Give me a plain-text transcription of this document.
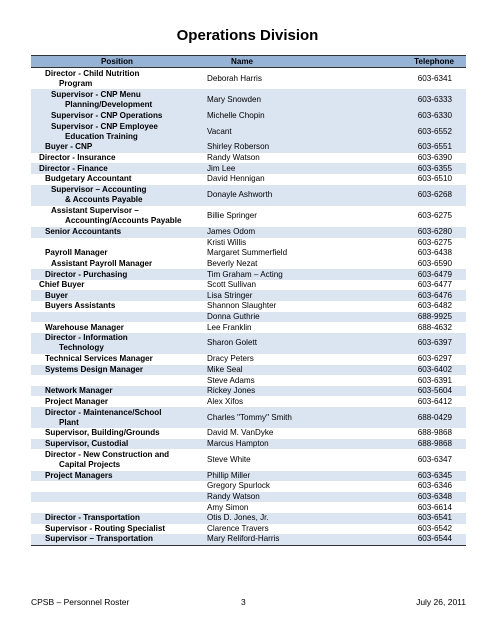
Operations Division
Position	Name	Telephone

Director - Child Nutrition
Program	Deborah Harris	603-6341

Supervisor - CNP Menu
Planning/Development	Mary Snowden	603-6333

Supervisor - CNP Operations	Michelle Chopin	603-6330

Supervisor - CNP Employee
Education Training	Vacant	603-6552

Buyer - CNP	Shirley Roberson	603-6551

Director - Insurance	Randy Watson	603-6390

Director - Finance	Jim Lee	603-6355

Budgetary Accountant	David Hennigan	603-6510

Supervisor – Accounting
& Accounts Payable	Donayle Ashworth	603-6268

Assistant Supervisor –
Accounting/Accounts Payable	Billie Springer	603-6275

Senior Accountants	James Odom	603-6280

	Kristi Willis	603-6275

Payroll Manager	Margaret Summerfield	603-6438

Assistant Payroll Manager	Beverly Nezat	603-6590

Director - Purchasing	Tim Graham – Acting	603-6479

Chief Buyer	Scott Sullivan	603-6477

Buyer	Lisa Stringer	603-6476

Buyers Assistants	Shannon Slaughter	603-6482

	Donna Guthrie	688-9925

Warehouse Manager	Lee Franklin	688-4632

Director - Information
Technology	Sharon Golett	603-6397

Technical Services Manager	Dracy Peters	603-6297

Systems Design Manager	Mike Seal	603-6402

	Steve Adams	603-6391

Network Manager	Rickey Jones	603-5604

Project Manager	Alex Xifos	603-6412

Director - Maintenance/School
Plant	Charles "Tommy" Smith	688-0429

Supervisor, Building/Grounds	David M. VanDyke	688-9868

Supervisor, Custodial	Marcus Hampton	688-9868

Director - New Construction and
Capital Projects	Steve White	603-6347

Project Managers	Phillip Miller	603-6345

	Gregory Spurlock	603-6346

	Randy Watson	603-6348

	Amy Simon	603-6614

Director - Transportation	Otis D. Jones, Jr.	603-6541

Supervisor - Routing Specialist	Clarence Travers	603-6542

Supervisor – Transportation	Mary Reliford-Harris	603-6544
CPSB – Personnel Roster	3	July 26, 2011
